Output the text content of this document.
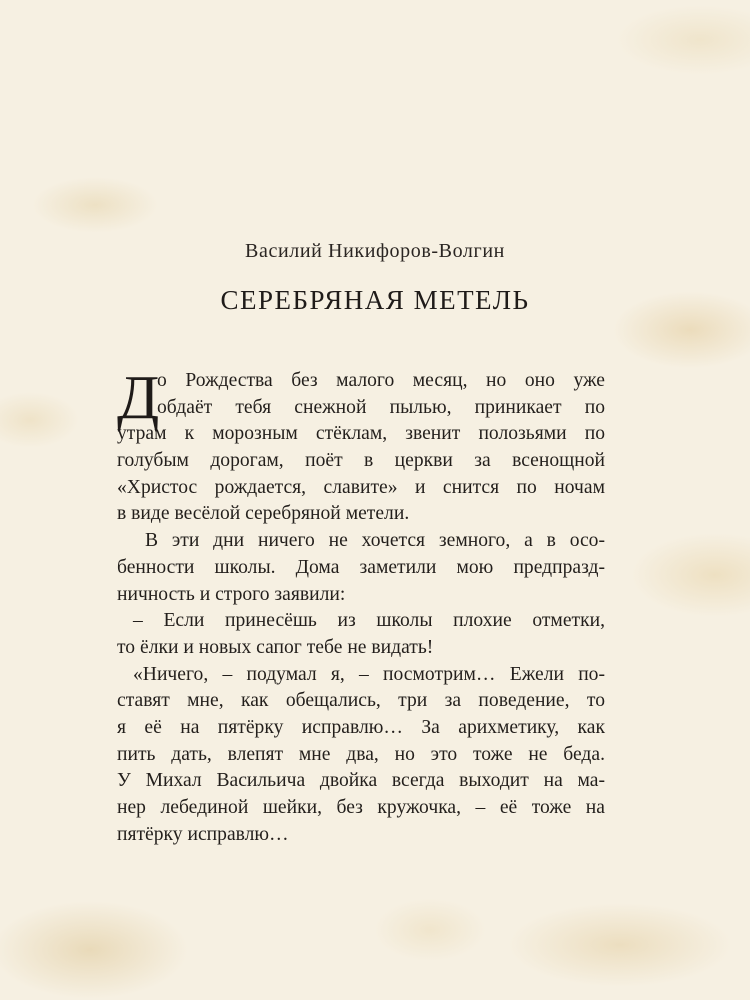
Василий Никифоров-Волгин
СЕРЕБРЯНАЯ МЕТЕЛЬ
Д
о Рождества без малого месяц, но оно уже
обдаёт тебя снежной пылью, приникает по
утрам к морозным стёклам, звенит полозьями по
голубым дорогам, поёт в церкви за всенощной
«Христос рождается, славите» и снится по ночам
в виде весёлой серебряной метели.
В эти дни ничего не хочется земного, а в осо-
бенности школы. Дома заметили мою предпразд-
ничность и строго заявили:
– Если принесёшь из школы плохие отметки,
то ёлки и новых сапог тебе не видать!
«Ничего, – подумал я, – посмотрим… Ежели по-
ставят мне, как обещались, три за поведение, то
я её на пятёрку исправлю… За арихметику, как
пить дать, влепят мне два, но это тоже не беда.
У Михал Васильича двойка всегда выходит на ма-
нер лебединой шейки, без кружочка, – её тоже на
пятёрку исправлю…
